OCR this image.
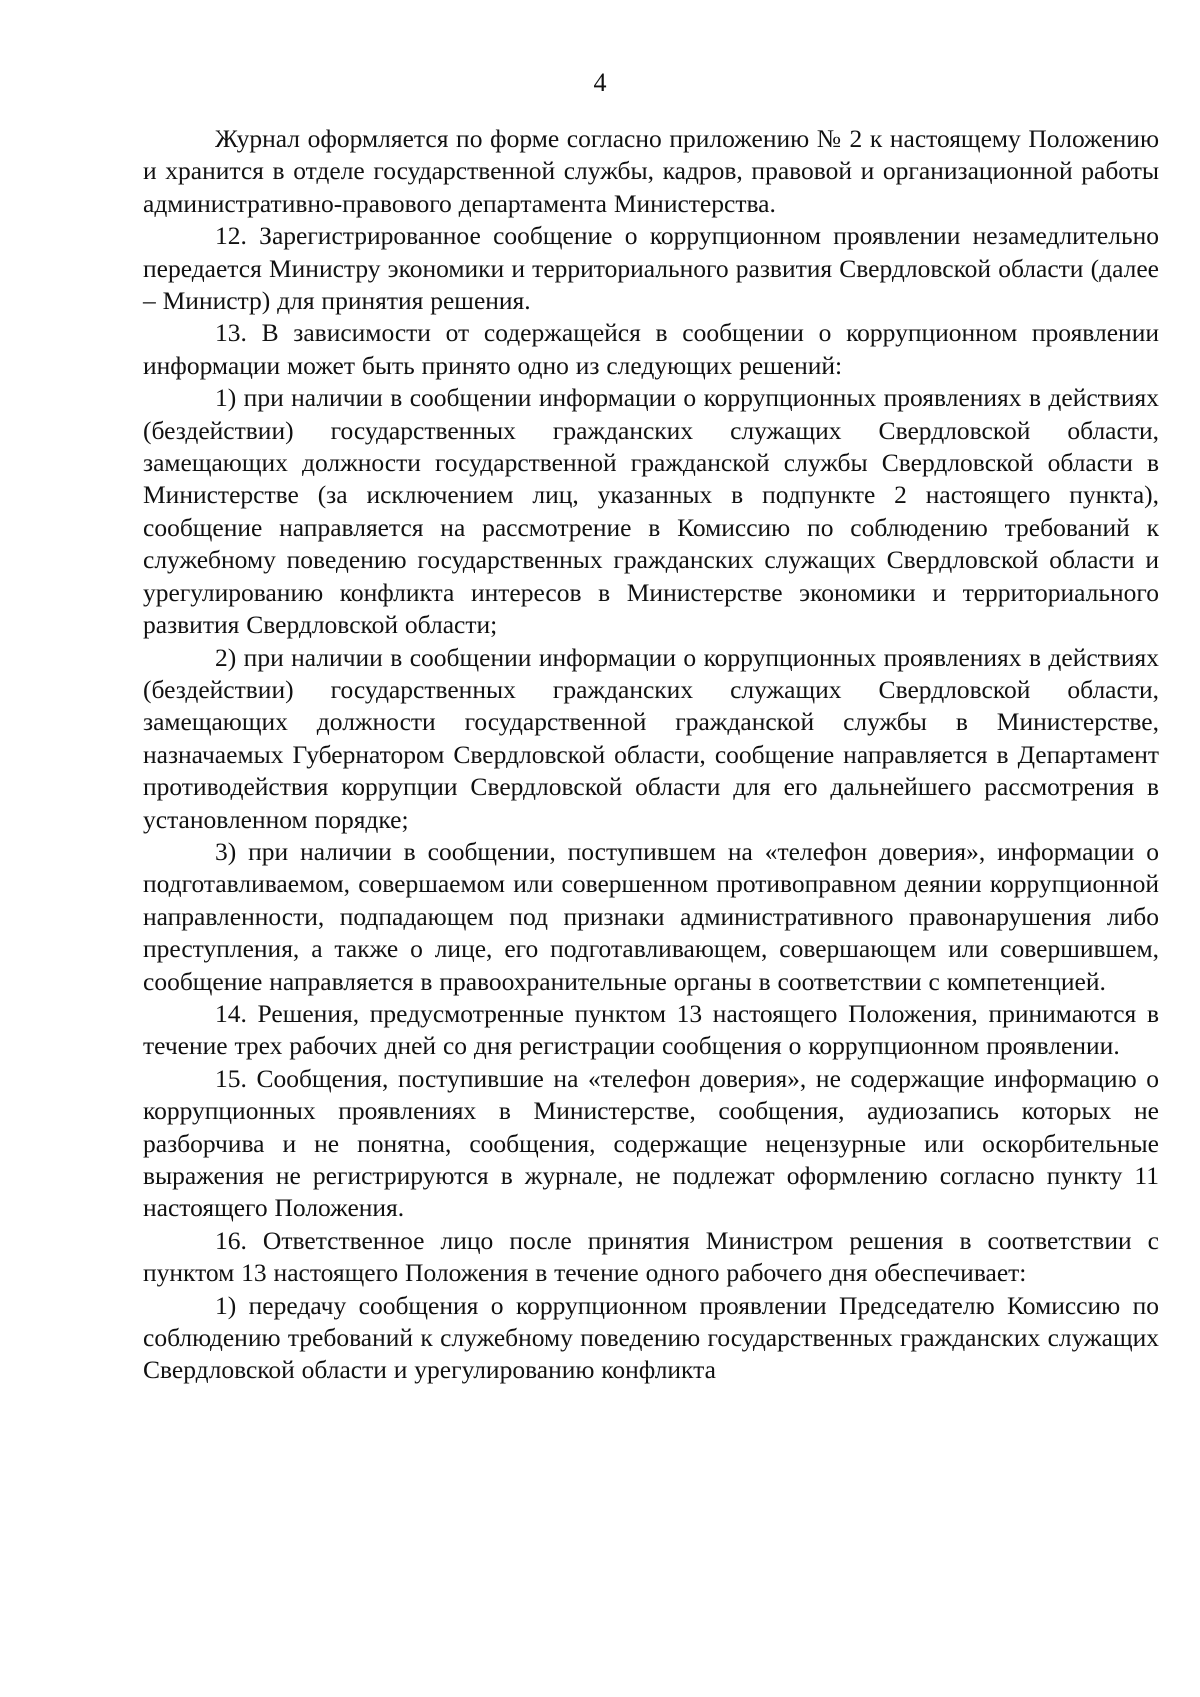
4

Журнал оформляется по форме согласно приложению № 2 к настоящему Положению и хранится в отделе государственной службы, кадров, правовой и организационной работы административно-правового департамента Министерства.

12. Зарегистрированное сообщение о коррупционном проявлении незамедлительно передается Министру экономики и территориального развития Свердловской области (далее – Министр) для принятия решения.

13. В зависимости от содержащейся в сообщении о коррупционном проявлении информации может быть принято одно из следующих решений:

1) при наличии в сообщении информации о коррупционных проявлениях в действиях (бездействии) государственных гражданских служащих Свердловской области, замещающих должности государственной гражданской службы Свердловской области в Министерстве (за исключением лиц, указанных в подпункте 2 настоящего пункта), сообщение направляется на рассмотрение в Комиссию по соблюдению требований к служебному поведению государственных гражданских служащих Свердловской области и урегулированию конфликта интересов в Министерстве экономики и территориального развития Свердловской области;

2) при наличии в сообщении информации о коррупционных проявлениях в действиях (бездействии) государственных гражданских служащих Свердловской области, замещающих должности государственной гражданской службы в Министерстве, назначаемых Губернатором Свердловской области, сообщение направляется в Департамент противодействия коррупции Свердловской области для его дальнейшего рассмотрения в установленном порядке;

3) при наличии в сообщении, поступившем на «телефон доверия», информации о подготавливаемом, совершаемом или совершенном противоправном деянии коррупционной направленности, подпадающем под признаки административного правонарушения либо преступления, а также о лице, его подготавливающем, совершающем или совершившем, сообщение направляется в правоохранительные органы в соответствии с компетенцией.

14. Решения, предусмотренные пунктом 13 настоящего Положения, принимаются в течение трех рабочих дней со дня регистрации сообщения о коррупционном проявлении.

15. Сообщения, поступившие на «телефон доверия», не содержащие информацию о коррупционных проявлениях в Министерстве, сообщения, аудиозапись которых не разборчива и не понятна, сообщения, содержащие нецензурные или оскорбительные выражения не регистрируются в журнале, не подлежат оформлению согласно пункту 11 настоящего Положения.

16. Ответственное лицо после принятия Министром решения в соответствии с пунктом 13 настоящего Положения в течение одного рабочего дня обеспечивает:

1) передачу сообщения о коррупционном проявлении Председателю Комиссию по соблюдению требований к служебному поведению государственных гражданских служащих Свердловской области и урегулированию конфликта
